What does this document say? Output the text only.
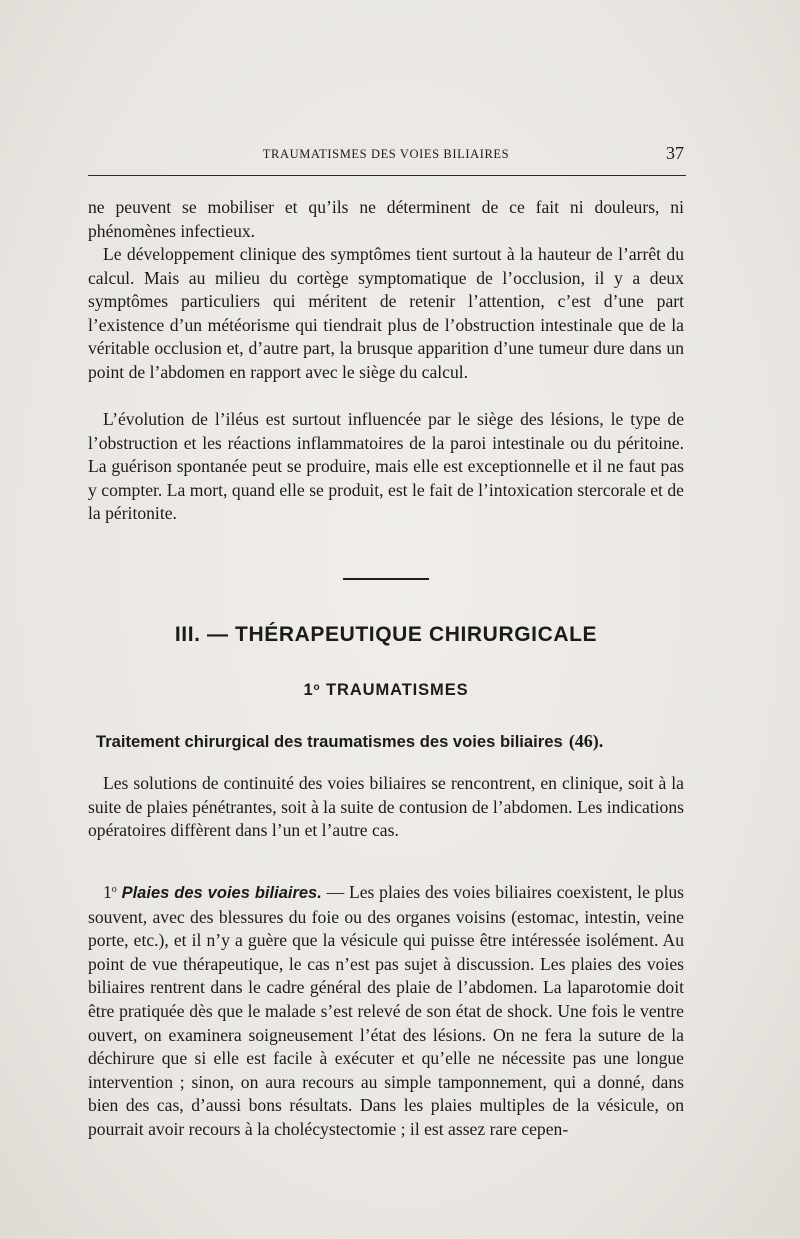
TRAUMATISMES DES VOIES BILIAIRES	37

ne peuvent se mobiliser et qu’ils ne déterminent de ce fait ni douleurs, ni phénomènes infectieux.

Le développement clinique des symptômes tient surtout à la hauteur de l’arrêt du calcul. Mais au milieu du cortège symptomatique de l’occlusion, il y a deux symptômes particuliers qui méritent de retenir l’attention, c’est d’une part l’existence d’un météorisme qui tiendrait plus de l’obstruction intestinale que de la véritable occlusion et, d’autre part, la brusque apparition d’une tumeur dure dans un point de l’abdomen en rapport avec le siège du calcul.

L’évolution de l’iléus est surtout influencée par le siège des lésions, le type de l’obstruction et les réactions inflammatoires de la paroi intestinale ou du péritoine. La guérison spontanée peut se produire, mais elle est exceptionnelle et il ne faut pas y compter. La mort, quand elle se produit, est le fait de l’intoxication stercorale et de la péritonite.

III. — THÉRAPEUTIQUE CHIRURGICALE
1$^o$ TRAUMATISMES
Traitement chirurgical des traumatismes des voies biliaires (46).

Les solutions de continuité des voies biliaires se rencontrent, en clinique, soit à la suite de plaies pénétrantes, soit à la suite de contusion de l’abdomen. Les indications opératoires diffèrent dans l’un et l’autre cas.

1$^o$ Plaies des voies biliaires. — Les plaies des voies biliaires coexistent, le plus souvent, avec des blessures du foie ou des organes voisins (estomac, intestin, veine porte, etc.), et il n’y a guère que la vésicule qui puisse être intéressée isolément. Au point de vue thérapeutique, le cas n’est pas sujet à discussion. Les plaies des voies biliaires rentrent dans le cadre général des plaie de l’abdomen. La laparotomie doit être pratiquée dès que le malade s’est relevé de son état de shock. Une fois le ventre ouvert, on examinera soigneusement l’état des lésions. On ne fera la suture de la déchirure que si elle est facile à exécuter et qu’elle ne nécessite pas une longue intervention ; sinon, on aura recours au simple tamponnement, qui a donné, dans bien des cas, d’aussi bons résultats. Dans les plaies multiples de la vésicule, on pourrait avoir recours à la cholécystectomie ; il est assez rare cepen-
